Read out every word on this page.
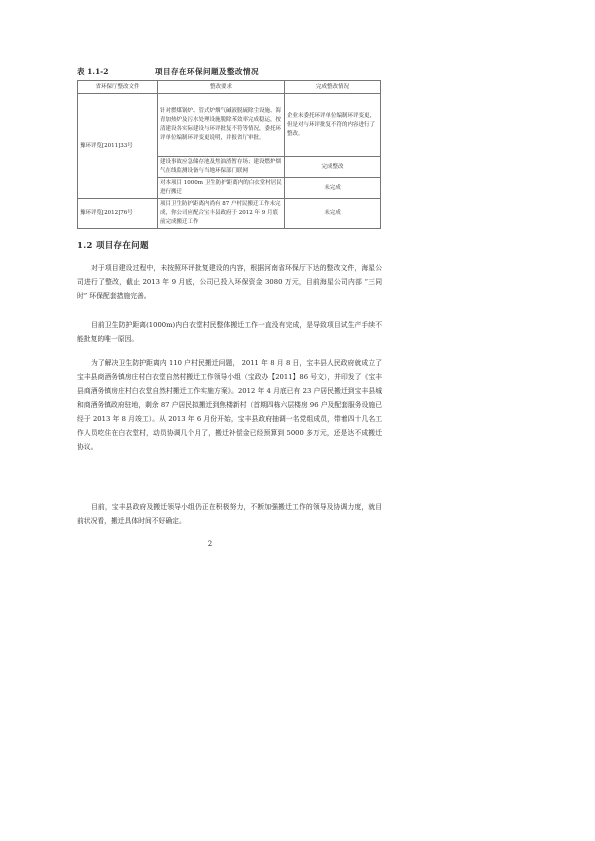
表 1.1-2	项目存在环保问题及整改情况
省环保厅整改文件	整改要求	完成整改情况
豫环评览[2011]33号	针对燃煤锅炉、管式炉烟气碱液脱硫除尘设施、海青加热炉及污水处理设施脱除苯效率完成稳运，按清建设各实际建设与环评批复不符等情况，委托环评单位编制环评变更说明，并报省厅审批。	企业未委托环评单位编制环评变更，但是对与环评批复不符的内容进行了整改。
	建设事故应急储存池及焦油渣暂存场；建设燃炉烟气在线监测设备与当地环保部门联网	完成整改
	对本项目 1000m 卫生防护距离内的白衣堂村居民进行搬迁	未完成
豫环评览[2012]76号	项目卫生防护距离内尚有 87 户村民搬迁工作未完成，你公司应配合宝丰县政府于 2012 年 9 月底前完成搬迁工作	未完成
1.2 项目存在问题

对于项目建设过程中，未按照环评批复建设的内容，根据河南省环保厅下达的整改文件，海星公司进行了整改，截止 2013 年 9 月底，公司已投入环保资金 3080 万元，目前海星公司内部 “三同时” 环保配套措施完善。

目前卫生防护距离(1000m)内白衣堂村民整体搬迁工作一直没有完成，是导致项目试生产手续不能批复的唯一原因。

为了解决卫生防护距离内 110 户村民搬迁问题， 2011 年 8 月 8 日，宝丰县人民政府就成立了宝丰县商酒务镇房庄村白衣堂自然村搬迁工作领导小组（宝政办【2011】86 号文），并印发了《宝丰县商酒务镇房庄村白衣堂自然村搬迁工作实施方案》。2012 年 4 月底已有 23 户居民搬迁到宝丰县城和商酒务镇政府驻地，剩余 87 户居民拟搬迁到焦楼新村（首期四栋六层楼房 96 户及配套服务设施已经于 2013 年 8 月竣工）。从 2013 年 6 月份开始，宝丰县政府抽调一名党组成员，带着四十几名工作人员吃住在白衣堂村，动员协调几个月了，搬迁补偿金已经预算到 5000 多万元，还是达不成搬迁协议。

目前，宝丰县政府及搬迁领导小组仍正在积极努力，不断加强搬迁工作的领导及协调力度，就目前状况看，搬迁具体时间不好确定。

2
